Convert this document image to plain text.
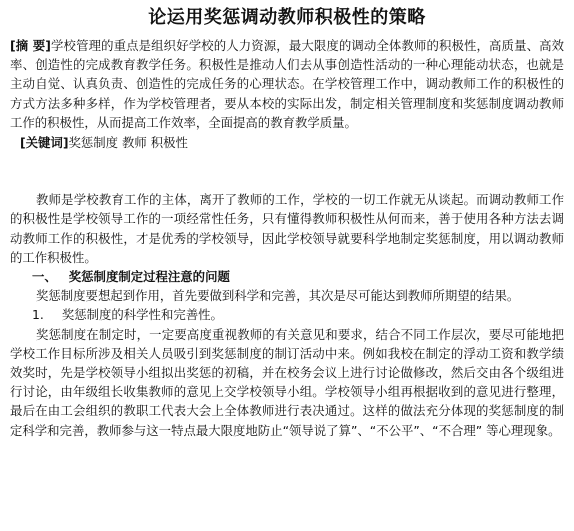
论运用奖惩调动教师积极性的策略

[摘 要]学校管理的重点是组织好学校的人力资源，最大限度的调动全体教师的积极性，高质量、高效率、创造性的完成教育教学任务。积极性是推动人们去从事创造性活动的一种心理能动状态，也就是主动自觉、认真负责、创造性的完成任务的心理状态。在学校管理工作中，调动教师工作的积极性的方式方法多种多样，作为学校管理者，要从本校的实际出发，制定相关管理制度和奖惩制度调动教师工作的积极性，从而提高工作效率，全面提高的教育教学质量。

[关键词]奖惩制度 教师 积极性

教师是学校教育工作的主体，离开了教师的工作，学校的一切工作就无从谈起。而调动教师工作的积极性是学校领导工作的一项经常性任务，只有懂得教师积极性从何而来，善于使用各种方法去调动教师工作的积极性，才是优秀的学校领导，因此学校领导就要科学地制定奖惩制度，用以调动教师的工作积极性。

一、 奖惩制度制定过程注意的问题

奖惩制度要想起到作用，首先要做到科学和完善，其次是尽可能达到教师所期望的结果。

1. 奖惩制度的科学性和完善性。

奖惩制度在制定时，一定要高度重视教师的有关意见和要求，结合不同工作层次，要尽可能地把学校工作目标所涉及相关人员吸引到奖惩制度的制订活动中来。例如我校在制定的浮动工资和教学绩效奖时，先是学校领导小组拟出奖惩的初稿，并在校务会议上进行讨论做修改，然后交由各个级组进行讨论，由年级组长收集教师的意见上交学校领导小组。学校领导小组再根据收到的意见进行整理，最后在由工会组织的教职工代表大会上全体教师进行表决通过。这样的做法充分体现的奖惩制度的制定科学和完善，教师参与这一特点最大限度地防止“领导说了算”、“不公平”、“不合理” 等心理现象。
